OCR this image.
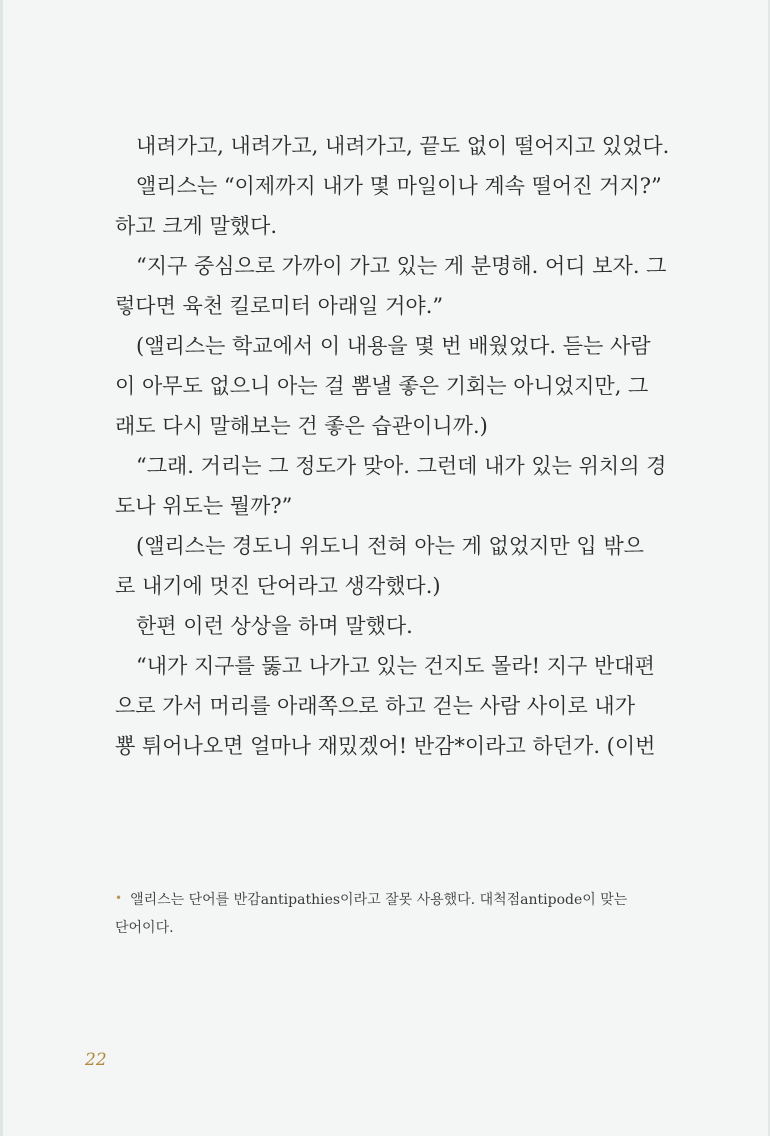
내려가고, 내려가고, 내려가고, 끝도 없이 떨어지고 있었다.

앨리스는 “이제까지 내가 몇 마일이나 계속 떨어진 거지?”
하고 크게 말했다.

“지구 중심으로 가까이 가고 있는 게 분명해. 어디 보자. 그
렇다면 육천 킬로미터 아래일 거야.”

(앨리스는 학교에서 이 내용을 몇 번 배웠었다. 듣는 사람
이 아무도 없으니 아는 걸 뽐낼 좋은 기회는 아니었지만, 그
래도 다시 말해보는 건 좋은 습관이니까.)

“그래. 거리는 그 정도가 맞아. 그런데 내가 있는 위치의 경
도나 위도는 뭘까?”

(앨리스는 경도니 위도니 전혀 아는 게 없었지만 입 밖으
로 내기에 멋진 단어라고 생각했다.)

한편 이런 상상을 하며 말했다.

“내가 지구를 뚫고 나가고 있는 건지도 몰라! 지구 반대편
으로 가서 머리를 아래쪽으로 하고 걷는 사람 사이로 내가
뿅 튀어나오면 얼마나 재밌겠어! 반감*이라고 하던가. (이번

• 앨리스는 단어를 반감antipathies이라고 잘못 사용했다. 대척점antipode이 맞는
단어이다.
22
